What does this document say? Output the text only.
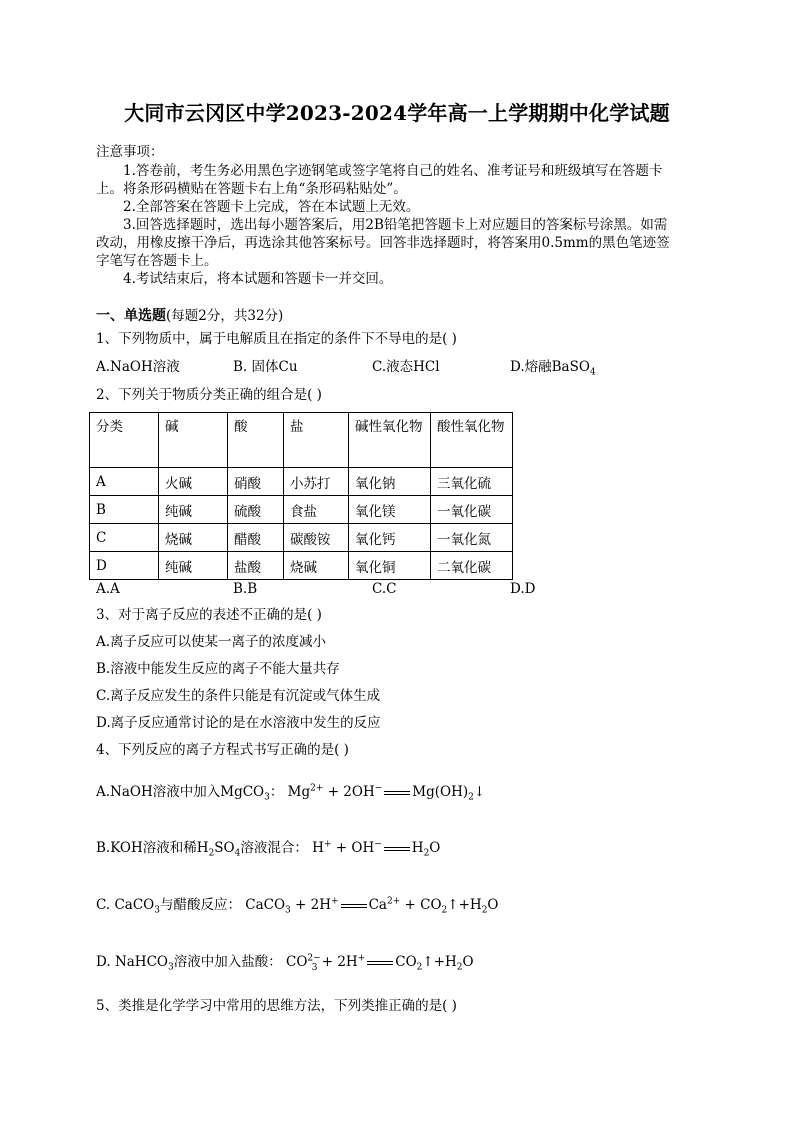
大同市云冈区中学2023-2024学年高一上学期期中化学试题
注意事项：
1.答卷前，考生务必用黑色字迹钢笔或签字笔将自己的姓名、准考证号和班级填写在答题卡
上。将条形码横贴在答题卡右上角“条形码粘贴处”。
2.全部答案在答题卡上完成，答在本试题上无效。
3.回答选择题时，选出每小题答案后，用2B铅笔把答题卡上对应题目的答案标号涂黑。如需
改动，用橡皮擦干净后，再选涂其他答案标号。回答非选择题时，将答案用0.5mm的黑色笔迹签
字笔写在答题卡上。
4.考试结束后，将本试题和答题卡一并交回。
一、单选题(每题2分，共32分)
1、下列物质中，属于电解质且在指定的条件下不导电的是( )
A.NaOH溶液	B. 固体Cu	C.液态HCl	D.熔融BaSO$_4$
2、下列关于物质分类正确的组合是( )
分类	碱	酸	盐	碱性氧化物	酸性氧化物
A	火碱	硝酸	小苏打	氧化钠	三氧化硫
B	纯碱	硫酸	食盐	氧化镁	一氧化碳
C	烧碱	醋酸	碳酸铵	氧化钙	一氧化氮
D	纯碱	盐酸	烧碱	氧化铜	二氧化碳
A.A	B.B	C.C	D.D
3、对于离子反应的表述不正确的是( )
A.离子反应可以使某一离子的浓度减小
B.溶液中能发生反应的离子不能大量共存
C.离子反应发生的条件只能是有沉淀或气体生成
D.离子反应通常讨论的是在水溶液中发生的反应
4、下列反应的离子方程式书写正确的是( )
A.NaOH溶液中加入MgCO$_3$： $Mg^{2+} + 2OH^-$ $Mg(OH)_2↓$
B.KOH溶液和稀$H_2SO_4$溶液混合： H+ + OH− $H_2O$
C. CaCO$_3$与醋酸反应： CaCO$_3$ + 2H+ $Ca^{2+}$ + $CO_2↑+H_2O$
D. NaHCO$_3$溶液中加入盐酸： $CO^{2-}_3 + 2H^+$ $CO_2↑+H_2O$
5、类推是化学学习中常用的思维方法，下列类推正确的是( )
